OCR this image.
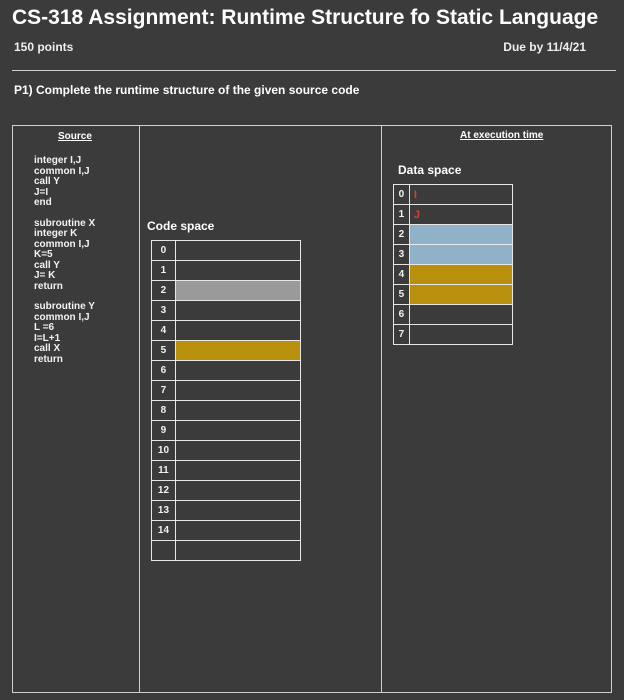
CS-318 Assignment: Runtime Structure fo Static Language
150 points	Due by 11/4/21
P1) Complete the runtime structure of the given source code
Source	At execution time
integer I,J
common I,J
call Y
J=I
end
subroutine X
integer K
common I,J
K=5
call Y
J= K
return
subroutine Y
common I,J
L =6
I=L+1
call X
return
Code space
0	
1	
2	
3	
4	
5	
6	
7	
8	
9	
10	
11	
12	
13	
14	

Data space
0	I
1	J
2	
3	
4	
5	
6	
7	
